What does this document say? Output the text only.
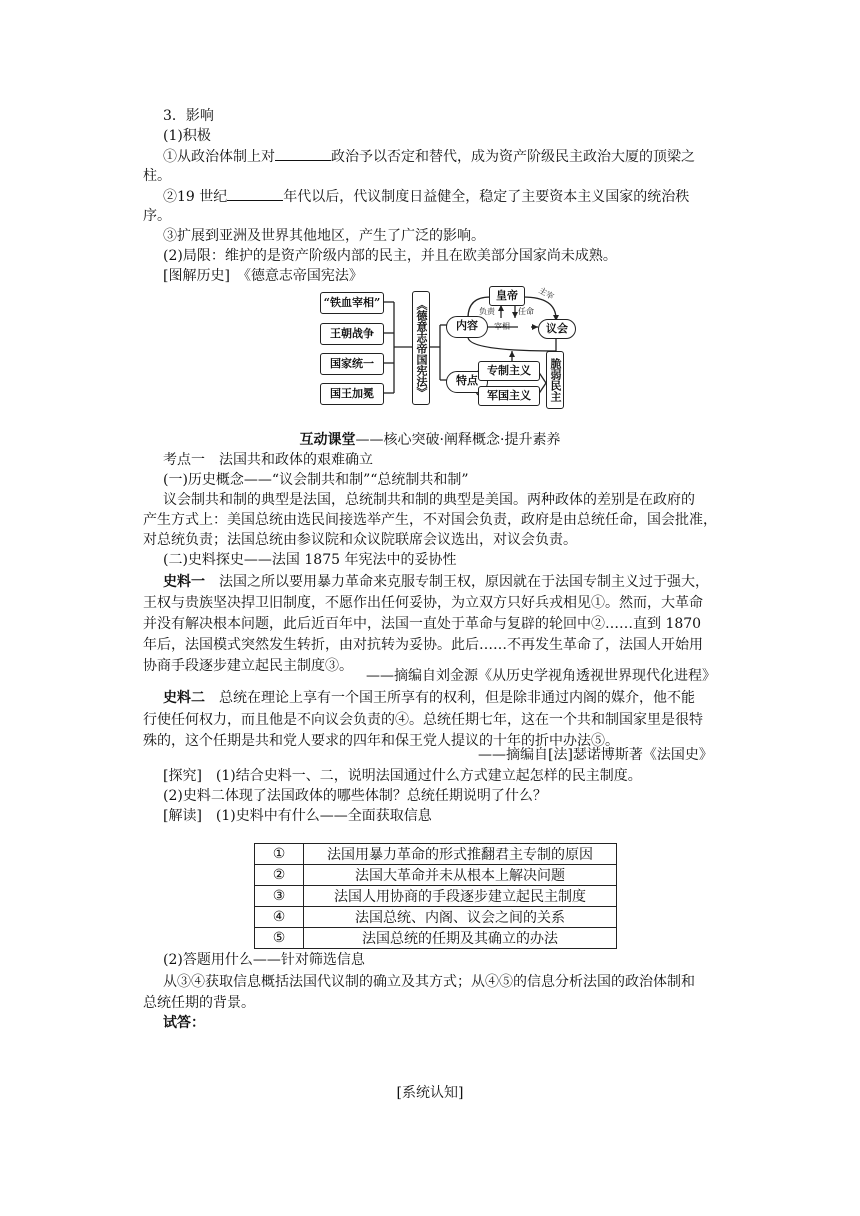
3．影响
(1)积极
①从政治体制上对	政治予以否定和替代，成为资产阶级民主政治大厦的顶梁之
柱。
②19 世纪	年代以后，代议制度日益健全，稳定了主要资本主义国家的统治秩
序。
③扩展到亚洲及世界其他地区，产生了广泛的影响。
(2)局限：维护的是资产阶级内部的民主，并且在欧美部分国家尚未成熟。
[图解历史]　 《德意志帝国宪法》
“铁血宰相”
王朝战争
国家统一
国王加冕	《德意志帝国宪法》	内容
特点
皇帝
议会
宰相
负责	任命
主宰
专制主义
军国主义	脆弱民主
互动课堂——核心突破·阐释概念·提升素养
考点一　法国共和政体的艰难确立
(一)历史概念——“议会制共和制”“总统制共和制”
议会制共和制的典型是法国，总统制共和制的典型是美国。两种政体的差别是在政府的
产生方式上：美国总统由选民间接选举产生，不对国会负责，政府是由总统任命，国会批准，
对总统负责；法国总统由参议院和众议院联席会议选出，对议会负责。
(二)史料探史——法国 1875 年宪法中的妥协性
史料一　法国之所以要用暴力革命来克服专制王权，原因就在于法国专制主义过于强大，
王权与贵族坚决捍卫旧制度，不愿作出任何妥协，为立双方只好兵戎相见①。然而，大革命
并没有解决根本问题，此后近百年中，法国一直处于革命与复辟的轮回中②……直到 1870
年后，法国模式突然发生转折，由对抗转为妥协。此后……不再发生革命了，法国人开始用
协商手段逐步建立起民主制度③。
——摘编自刘金源《从历史学视角透视世界现代化进程》
史料二　总统在理论上享有一个国王所享有的权利，但是除非通过内阁的媒介，他不能
行使任何权力，而且他是不向议会负责的④。总统任期七年，这在一个共和制国家里是很特
殊的，这个任期是共和党人要求的四年和保王党人提议的十年的折中办法⑤。
——摘编自[法]瑟诺博斯著《法国史》
[探究]　(1)结合史料一、二，说明法国通过什么方式建立起怎样的民主制度。
(2)史料二体现了法国政体的哪些体制？总统任期说明了什么？
[解读]　(1)史料中有什么——全面获取信息
①	法国用暴力革命的形式推翻君主专制的原因
②	法国大革命并未从根本上解决问题
③	法国人用协商的手段逐步建立起民主制度
④	法国总统、内阁、议会之间的关系
⑤	法国总统的任期及其确立的办法
(2)答题用什么——针对筛选信息
从③④获取信息概括法国代议制的确立及其方式；从④⑤的信息分析法国的政治体制和
总统任期的背景。
试答：
[系统认知]
